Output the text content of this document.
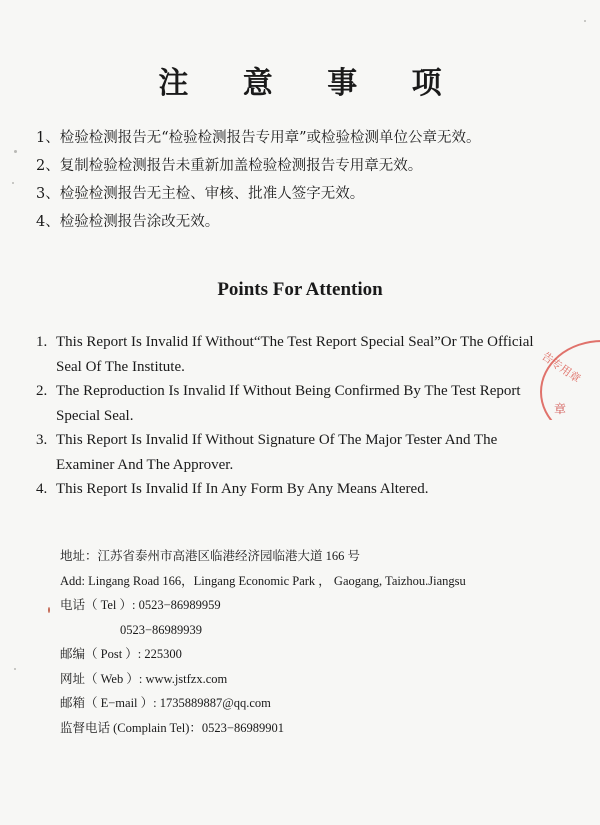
注 意 事 项
1、检验检测报告无“检验检测报告专用章”或检验检测单位公章无效。
2、复制检验检测报告未重新加盖检验检测报告专用章无效。
3、检验检测报告无主检、审核、批准人签字无效。
4、检验检测报告涂改无效。
Points For Attention
1. This Report Is Invalid If Without“The Test Report Special Seal”Or The Official Seal Of The Institute.
2. The Reproduction Is Invalid If Without Being Confirmed By The Test Report Special Seal.
3. This Report Is Invalid If Without Signature Of The Major Tester And The Examiner And The Approver.
4. This Report Is Invalid If In Any Form By Any Means Altered.
地址：江苏省泰州市高港区临港经济园临港大道 166 号
Add: Lingang Road 166，Lingang Economic Park ， Gaogang, Taizhou.Jiangsu
电话（ Tel ）: 0523−86989959
0523−86989939
邮编（ Post ）: 225300
网址（ Web ）: www.jstfzx.com
邮箱（ E−mail ）: 1735889887@qq.com
监督电话 (Complain Tel)：0523−86989901
告专用章
章
